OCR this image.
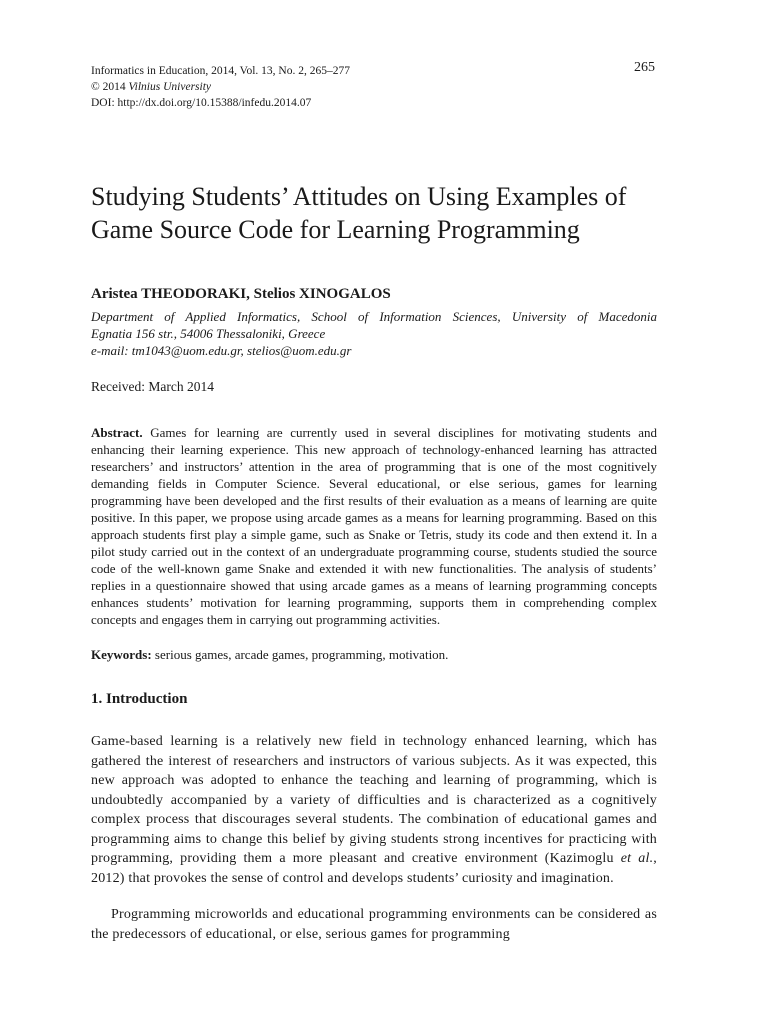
Informatics in Education, 2014, Vol. 13, No. 2, 265–277
© 2014 Vilnius University
DOI: http://dx.doi.org/10.15388/infedu.2014.07
265
Studying Students’ Attitudes on Using Examples of
Game Source Code for Learning Programming
Aristea THEODORAKI, Stelios XINOGALOS
Department of Applied Informatics, School of Information Sciences, University of Macedonia
Egnatia 156 str., 54006 Thessaloniki, Greece
e-mail: tm1043@uom.edu.gr, stelios@uom.edu.gr
Received: March 2014

Abstract. Games for learning are currently used in several disciplines for motivating students and enhancing their learning experience. This new approach of technology-enhanced learning has attracted researchers’ and instructors’ attention in the area of programming that is one of the most cognitively demanding fields in Computer Science. Several educational, or else serious, games for learning programming have been developed and the first results of their evaluation as a means of learning are quite positive. In this paper, we propose using arcade games as a means for learning programming. Based on this approach students first play a simple game, such as Snake or Tetris, study its code and then extend it. In a pilot study carried out in the context of an undergraduate programming course, students studied the source code of the well-known game Snake and extended it with new functionalities. The analysis of students’ replies in a questionnaire showed that using arcade games as a means of learning programming concepts enhances students’ motivation for learning programming, supports them in comprehending complex concepts and engages them in carrying out programming activities.

Keywords: serious games, arcade games, programming, motivation.

1. Introduction

Game-based learning is a relatively new field in technology enhanced learning, which has gathered the interest of researchers and instructors of various subjects. As it was expected, this new approach was adopted to enhance the teaching and learning of programming, which is undoubtedly accompanied by a variety of difficulties and is characterized as a cognitively complex process that discourages several students. The combination of educational games and programming aims to change this belief by giving students strong incentives for practicing with programming, providing them a more pleasant and creative environment (Kazimoglu et al., 2012) that provokes the sense of control and develops students’ curiosity and imagination.

Programming microworlds and educational programming environments can be considered as the predecessors of educational, or else, serious games for programming
